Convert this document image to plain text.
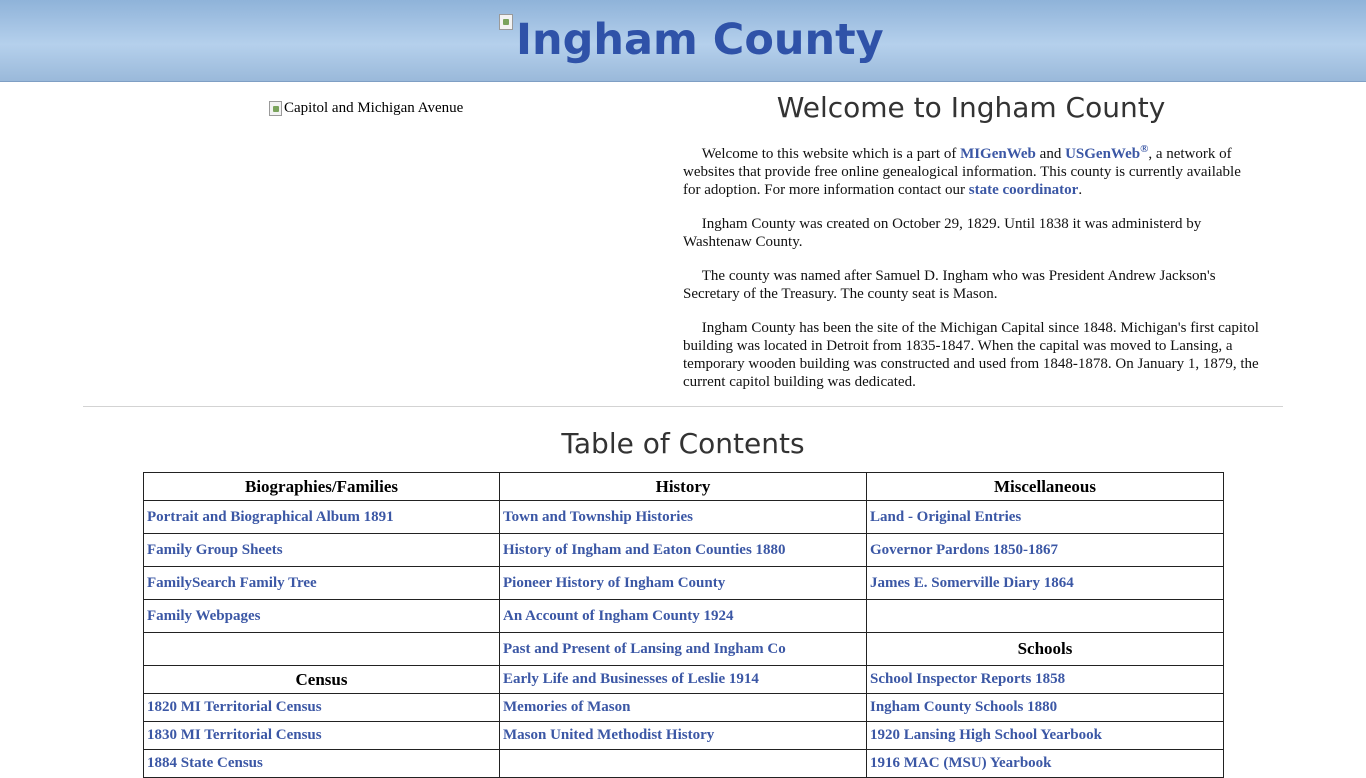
Ingham County
Capitol and Michigan Avenue	Welcome to Ingham County

Welcome to this website which is a part of MIGenWeb and USGenWeb®, a network of websites that provide free online genealogical information. This county is currently available for adoption. For more information contact our state coordinator.

Ingham County was created on October 29, 1829. Until 1838 it was administerd by Washtenaw County.

The county was named after Samuel D. Ingham who was President Andrew Jackson's Secretary of the Treasury. The county seat is Mason.

Ingham County has been the site of the Michigan Capital since 1848. Michigan's first capitol building was located in Detroit from 1835-1847. When the capital was moved to Lansing, a temporary wooden building was constructed and used from 1848-1878. On January 1, 1879, the current capitol building was dedicated.

Table of Contents
Biographies/Families	History	Miscellaneous
Portrait and Biographical Album 1891	Town and Township Histories	Land - Original Entries
Family Group Sheets	History of Ingham and Eaton Counties 1880	Governor Pardons 1850-1867
FamilySearch Family Tree	Pioneer History of Ingham County	James E. Somerville Diary 1864
Family Webpages	An Account of Ingham County 1924	
	Past and Present of Lansing and Ingham Co	Schools
Census	Early Life and Businesses of Leslie 1914	School Inspector Reports 1858
1820 MI Territorial Census	Memories of Mason	Ingham County Schools 1880
1830 MI Territorial Census	Mason United Methodist History	1920 Lansing High School Yearbook
1884 State Census		1916 MAC (MSU) Yearbook
